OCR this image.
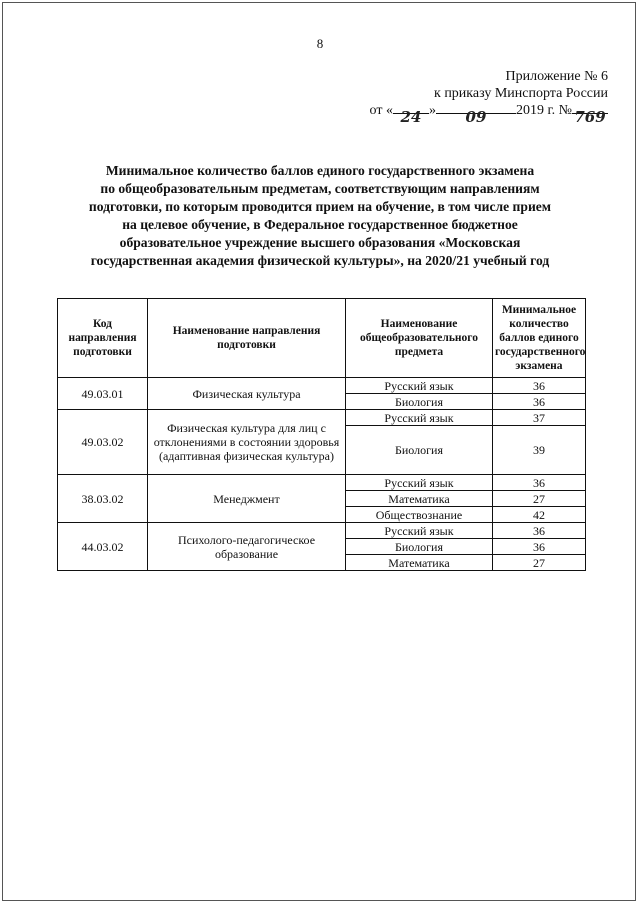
8
Приложение № 6
к приказу Минспорта России
от « 24 »	09	2019 г. № 769
Минимальное количество баллов единого государственного экзамена
по общеобразовательным предметам, соответствующим направлениям
подготовки, по которым проводится прием на обучение, в том числе прием
на целевое обучение, в Федеральное государственное бюджетное
образовательное учреждение высшего образования «Московская
государственная академия физической культуры», на 2020/21 учебный год
Код направления подготовки	Наименование направления подготовки	Наименование общеобразовательного предмета	Минимальное количество баллов единого государственного экзамена
49.03.01	Физическая культура	Русский язык	36
		Биология	36
49.03.02	Физическая культура для лиц с отклонениями в состоянии здоровья (адаптивная физическая культура)	Русский язык	37
		Биология	39
38.03.02	Менеджмент	Русский язык	36
		Математика	27
		Обществознание	42
44.03.02	Психолого-педагогическое образование	Русский язык	36
		Биология	36
		Математика	27
